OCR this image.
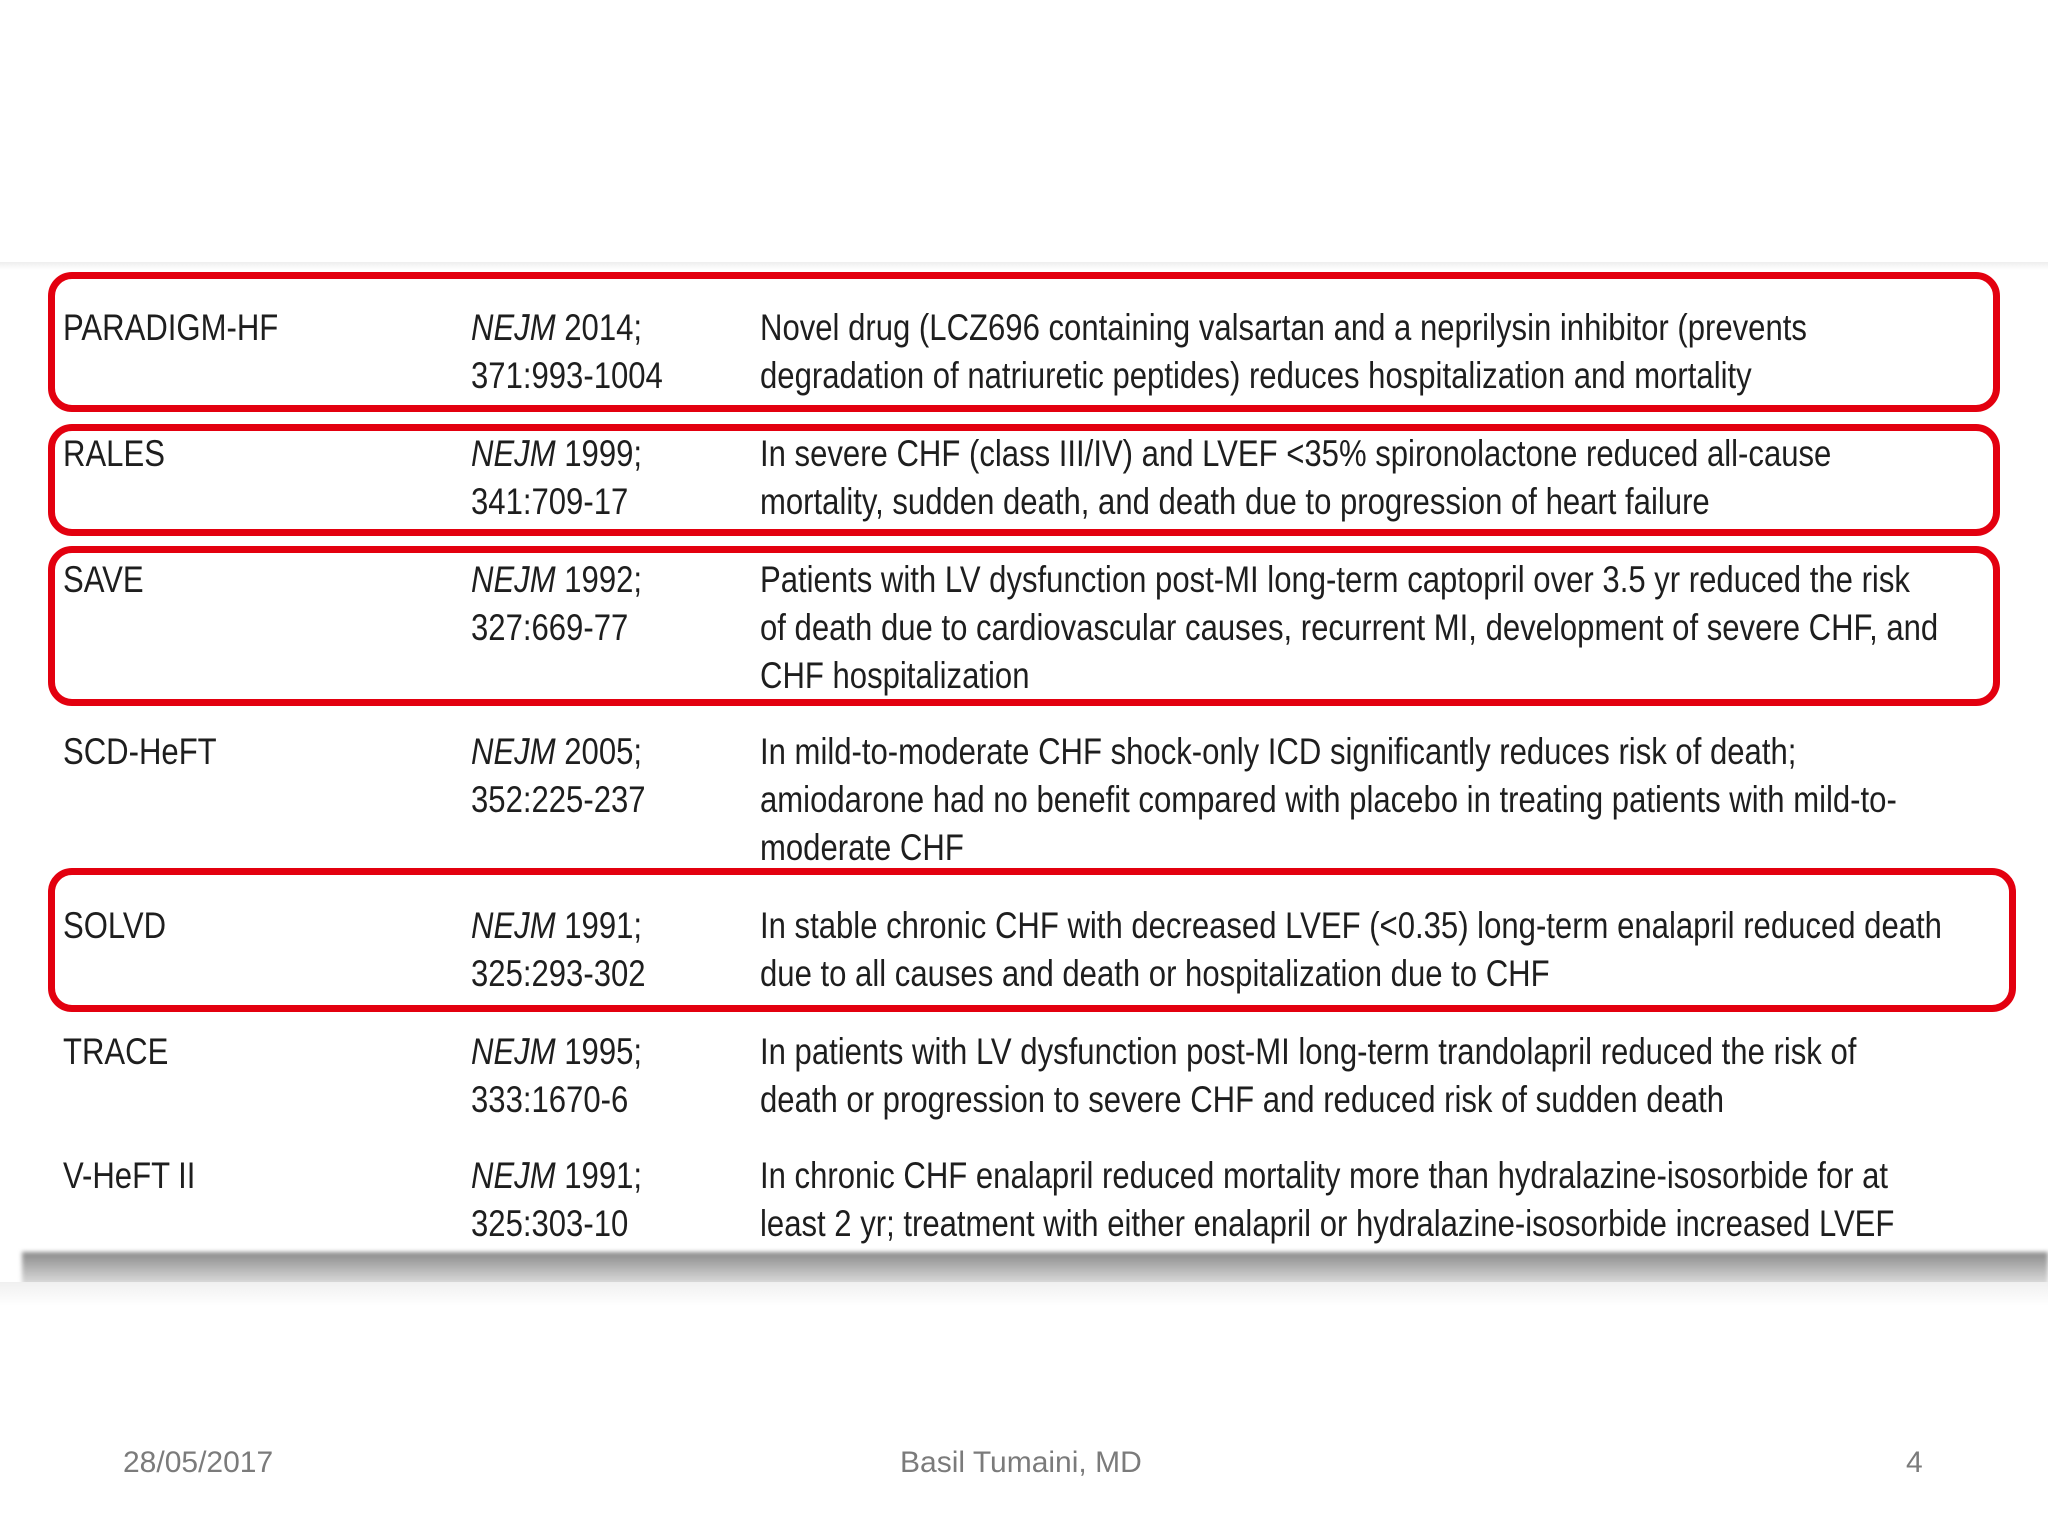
PARADIGM-HF	NEJM 2014;
371:993-1004
Novel drug (LCZ696 containing valsartan and a neprilysin inhibitor (prevents
degradation of natriuretic peptides) reduces hospitalization and mortality
RALES	NEJM 1999;
341:709-17
In severe CHF (class III/IV) and LVEF <35% spironolactone reduced all-cause
mortality, sudden death, and death due to progression of heart failure
SAVE	NEJM 1992;
327:669-77
Patients with LV dysfunction post-MI long-term captopril over 3.5 yr reduced the risk
of death due to cardiovascular causes, recurrent MI, development of severe CHF, and
CHF hospitalization
SCD-HeFT	NEJM 2005;
352:225-237
In mild-to-moderate CHF shock-only ICD significantly reduces risk of death;
amiodarone had no benefit compared with placebo in treating patients with mild-to-
moderate CHF
SOLVD	NEJM 1991;
325:293-302
In stable chronic CHF with decreased LVEF (<0.35) long-term enalapril reduced death
due to all causes and death or hospitalization due to CHF
TRACE	NEJM 1995;
333:1670-6
In patients with LV dysfunction post-MI long-term trandolapril reduced the risk of
death or progression to severe CHF and reduced risk of sudden death
V-HeFT II	NEJM 1991;
325:303-10
In chronic CHF enalapril reduced mortality more than hydralazine-isosorbide for at
least 2 yr; treatment with either enalapril or hydralazine-isosorbide increased LVEF
28/05/2017	Basil Tumaini, MD	4
